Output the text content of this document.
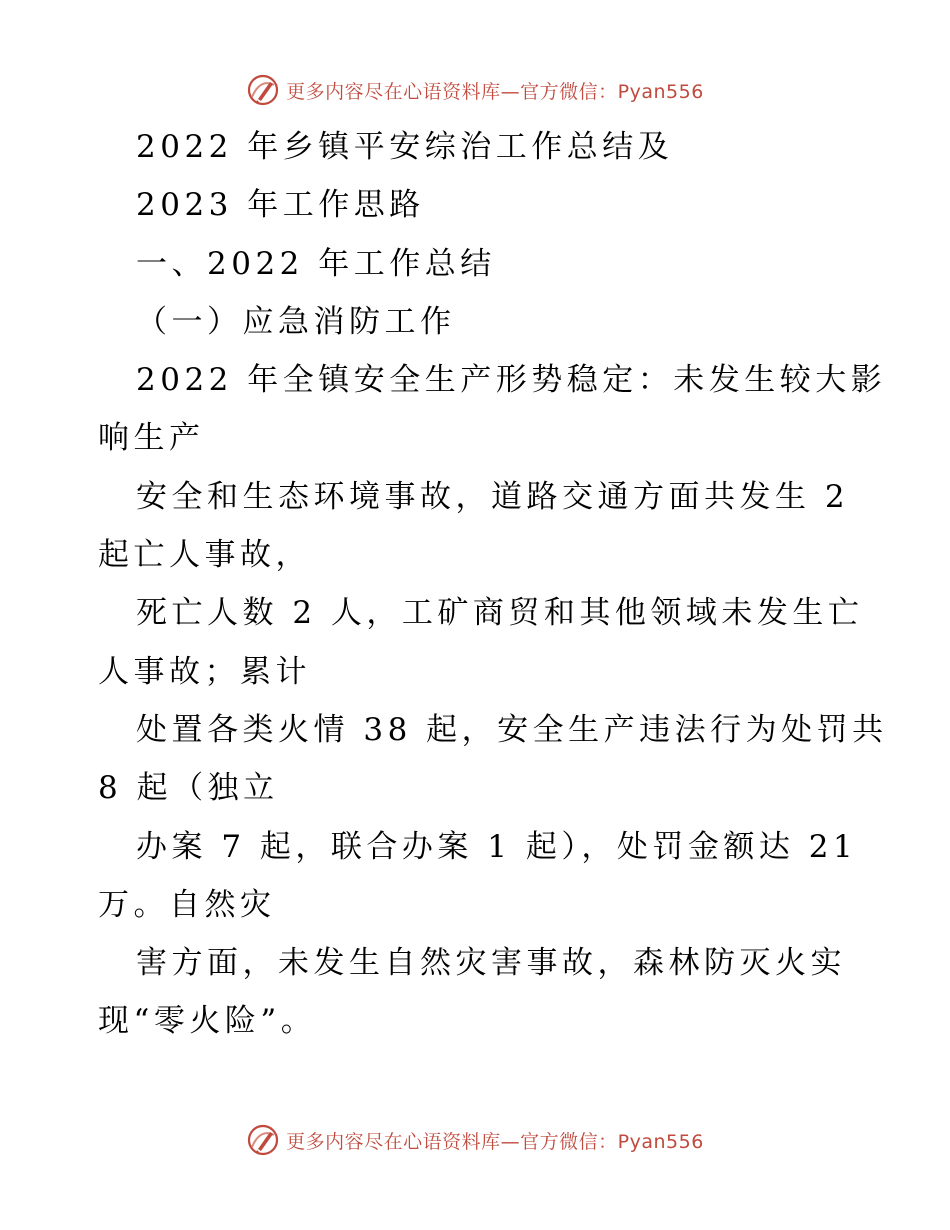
更多内容尽在心语资料库—官方微信：Pyan556
2022 年乡镇平安综治工作总结及
2023 年工作思路
一、2022 年工作总结
（一）应急消防工作
2022 年全镇安全生产形势稳定：未发生较大影
响生产
安全和生态环境事故，道路交通方面共发生 2
起亡人事故，
死亡人数 2 人，工矿商贸和其他领域未发生亡
人事故；累计
处置各类火情 38 起，安全生产违法行为处罚共
8 起（独立
办案 7 起，联合办案 1 起），处罚金额达 21
万。自然灾
害方面，未发生自然灾害事故，森林防灭火实
现“零火险”。
更多内容尽在心语资料库—官方微信：Pyan556
